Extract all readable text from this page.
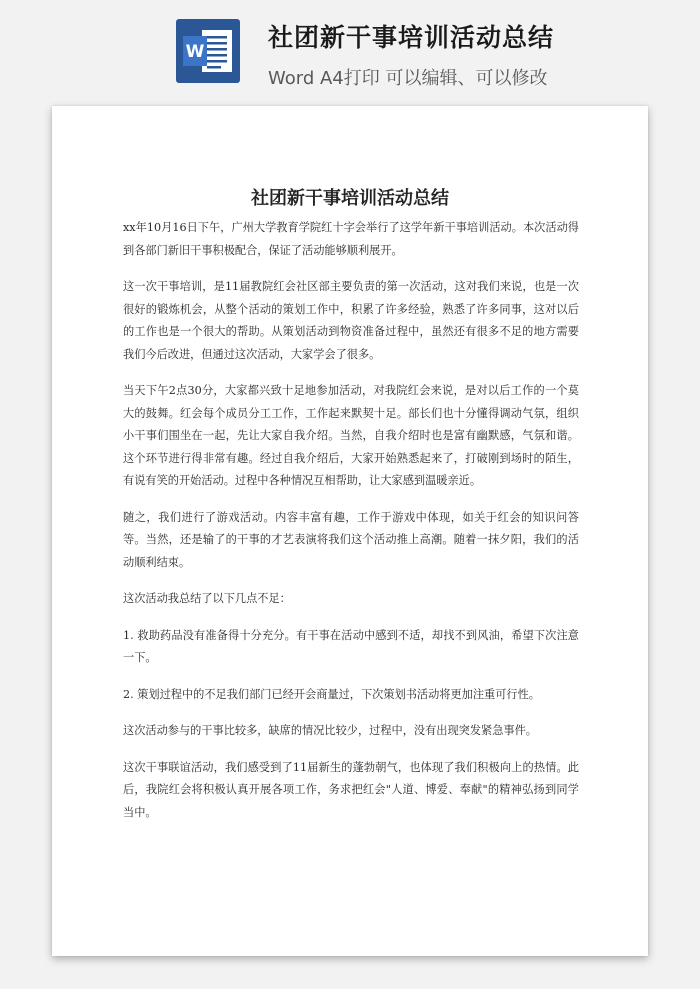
W	社团新干事培训活动总结
Word A4打印 可以编辑、可以修改
社团新干事培训活动总结

xx年10月16日下午，广州大学教育学院红十字会举行了这学年新干事培训活动。本次活动得到各部门新旧干事积极配合，保证了活动能够顺利展开。

这一次干事培训，是11届教院红会社区部主要负责的第一次活动，这对我们来说，也是一次很好的锻炼机会，从整个活动的策划工作中，积累了许多经验，熟悉了许多同事，这对以后的工作也是一个很大的帮助。从策划活动到物资准备过程中，虽然还有很多不足的地方需要我们今后改进，但通过这次活动，大家学会了很多。

当天下午2点30分，大家都兴致十足地参加活动，对我院红会来说，是对以后工作的一个莫大的鼓舞。红会每个成员分工工作，工作起来默契十足。部长们也十分懂得调动气氛，组织小干事们围坐在一起，先让大家自我介绍。当然，自我介绍时也是富有幽默感，气氛和谐。这个环节进行得非常有趣。经过自我介绍后，大家开始熟悉起来了，打破刚到场时的陌生，有说有笑的开始活动。过程中各种情况互相帮助，让大家感到温暖亲近。

随之，我们进行了游戏活动。内容丰富有趣，工作于游戏中体现，如关于红会的知识问答等。当然，还是输了的干事的才艺表演将我们这个活动推上高潮。随着一抹夕阳，我们的活动顺利结束。

这次活动我总结了以下几点不足：

1. 救助药品没有准备得十分充分。有干事在活动中感到不适，却找不到风油，希望下次注意一下。

2. 策划过程中的不足我们部门已经开会商量过，下次策划书活动将更加注重可行性。

这次活动参与的干事比较多，缺席的情况比较少，过程中，没有出现突发紧急事件。

这次干事联谊活动，我们感受到了11届新生的蓬勃朝气，也体现了我们积极向上的热情。此后，我院红会将积极认真开展各项工作，务求把红会"人道、博爱、奉献"的精神弘扬到同学当中。
